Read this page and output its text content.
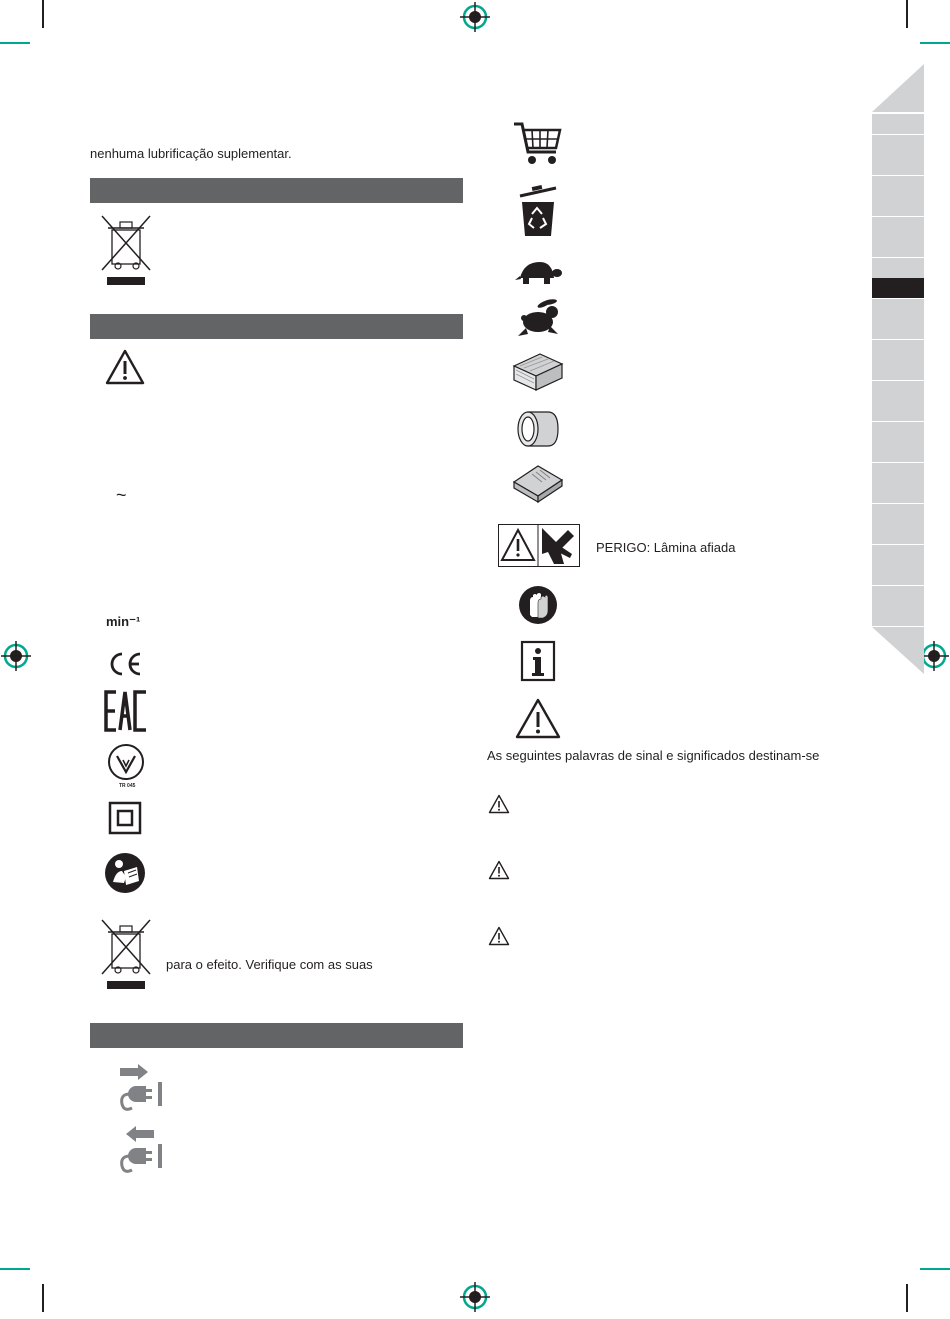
nenhuma lubrificação suplementar.
~
min⁻¹
TR 045
para o efeito. Verifique com as suas
PERIGO: Lâmina afiada
As seguintes palavras de sinal e significados destinam-se
